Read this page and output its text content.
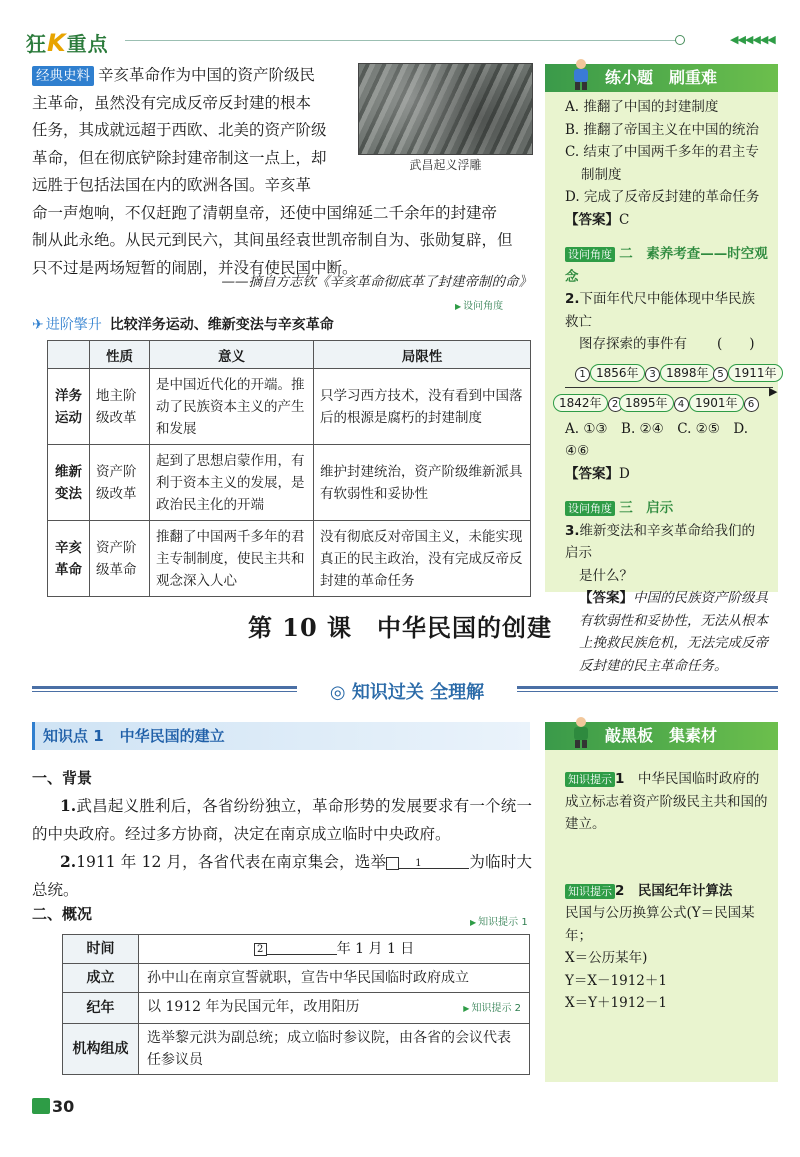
狂K重点	◀◀◀◀◀◀
经典史料 辛亥革命作为中国的资产阶级民
主革命，虽然没有完成反帝反封建的根本
任务，其成就远超于西欧、北美的资产阶级
革命，但在彻底铲除封建帝制这一点上，却
远胜于包括法国在内的欧洲各国。辛亥革
命一声炮响，不仅赶跑了清朝皇帝，还使中国绵延二千余年的封建帝
制从此永绝。从民元到民六，其间虽经袁世凯帝制自为、张勋复辟，但
只不过是两场短暂的闹剧，并没有使民国中断。
武昌起义浮雕
——摘自方志钦《辛亥革命彻底革了封建帝制的命》
▶ 设问角度
✈ 进阶擎升 比较洋务运动、维新变法与辛亥革命
	性质	意义	局限性
洋务运动	地主阶级改革	是中国近代化的开端。推动了民族资本主义的产生和发展	只学习西方技术，没有看到中国落后的根源是腐朽的封建制度
维新变法	资产阶级改革	起到了思想启蒙作用，有利于资本主义的发展，是政治民主化的开端	维护封建统治，资产阶级维新派具有软弱性和妥协性
辛亥革命	资产阶级革命	推翻了中国两千多年的君主专制制度，使民主共和观念深入人心	没有彻底反对帝国主义，未能实现真正的民主政治，没有完成反帝反封建的革命任务
第 10 课　中华民国的创建
◎ 知识过关 全理解
知识点 1 中华民国的建立
一、背景
1.武昌起义胜利后，各省纷纷独立，革命形势的发展要求有一个统一的中央政府。经过多方协商，决定在南京成立临时中央政府。
2.1911 年 12 月，各省代表在南京集会，选举	1	为临时大总统。
二、概况	▶ 知识提示 1
时间	2 年 1 月 1 日
成立	孙中山在南京宣誓就职，宣告中华民国临时政府成立
纪年	以 1912 年为民国元年，改用阳历 ▶ 知识提示 2

机构组成	选举黎元洪为副总统；成立临时参议院，由各省的会议代表任参议员
30
练小题　 刷重难
A. 推翻了中国的封建制度
B. 推翻了帝国主义在中国的统治
C. 结束了中国两千多年的君主专
制制度
D. 完成了反帝反封建的革命任务
【答案】C
设问角度 二　素养考查——时空观念
2.下面年代尺中能体现中华民族救亡
图存探索的事件有 (　　)
▶
1 1856年	3 1898年 5 1911年
1842年 2 1895年 4 1901年 6
A. ①③　B. ②④　C. ②⑤　D. ④⑥
【答案】D
设问角度 三　启示
3.维新变法和辛亥革命给我们的启示
是什么？
【答案】中国的民族资产阶级具有软弱性和妥协性，无法从根本上挽救民族危机，无法完成反帝反封建的民主革命任务。
敲黑板　 集素材
知识提示 1　 中华民国临时政府的成立标志着资产阶级民主共和国的建立。
知识提示 2　 民国纪年计算法
民国与公历换算公式(Y＝民国某年；
X＝公历某年)
Y＝X－1912＋1
X＝Y＋1912－1
